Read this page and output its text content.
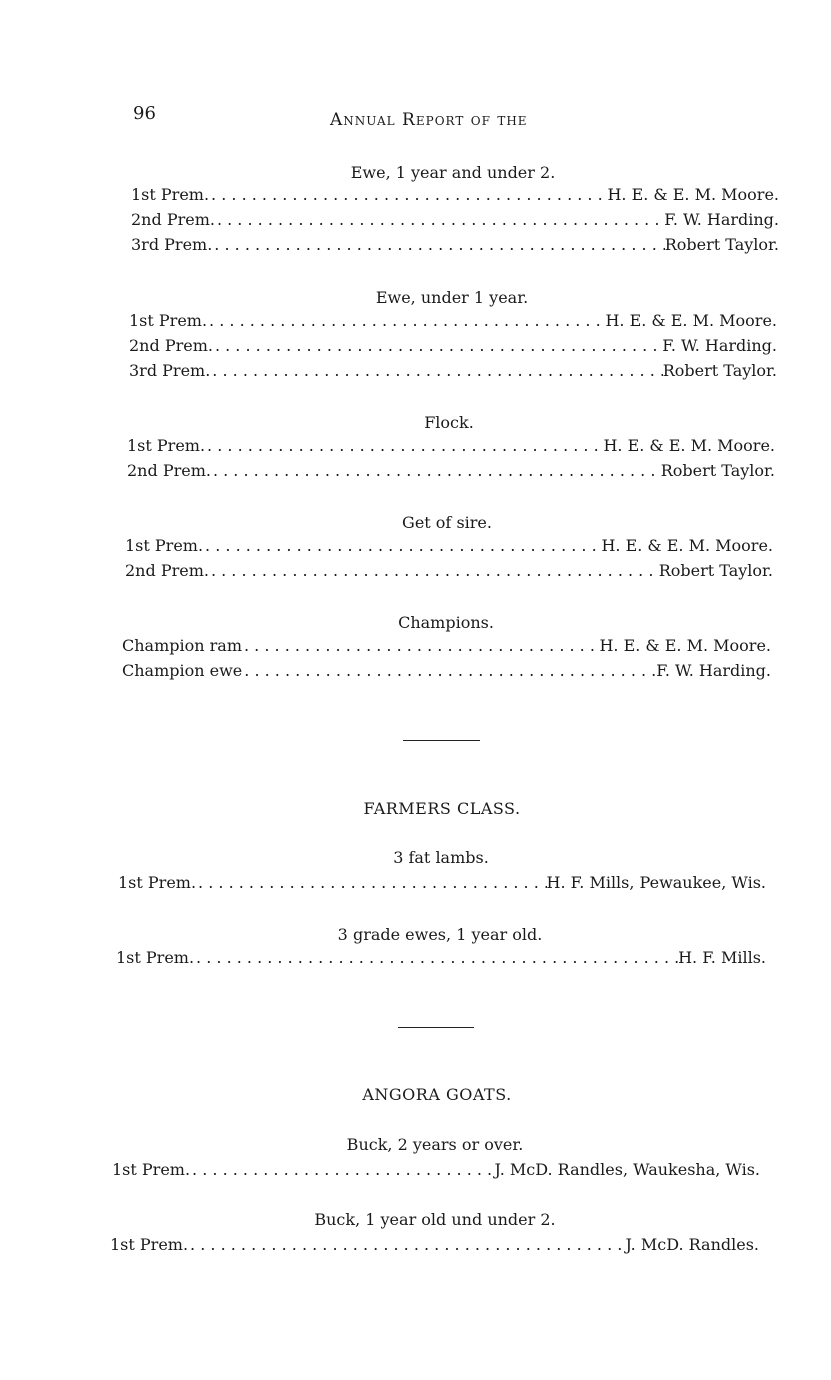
96	Annual Report of the
Ewe, 1 year and under 2.
1st Prem. . . .	H. E. & E. M. Moore.
2nd Prem. . . .	F. W. Harding.
3rd Prem. . . .	Robert Taylor.
Ewe, under 1 year.
1st Prem. . . .	H. E. & E. M. Moore.
2nd Prem. . . .	F. W. Harding.
3rd Prem. . . .	Robert Taylor.
Flock.
1st Prem. . . .	H. E. & E. M. Moore.
2nd Prem. . . .	Robert Taylor.
Get of sire.
1st Prem. . . .	H. E. & E. M. Moore.
2nd Prem. . . .	Robert Taylor.
Champions.
Champion ram . . .	H. E. & E. M. Moore.
Champion ewe . . .	F. W. Harding.
FARMERS CLASS.
3 fat lambs.
1st Prem. . . .	H. F. Mills, Pewaukee, Wis.
3 grade ewes, 1 year old.
1st Prem. . . .	H. F. Mills.
ANGORA GOATS.
Buck, 2 years or over.
1st Prem. . . .	J. McD. Randles, Waukesha, Wis.
Buck, 1 year old und under 2.
1st Prem. . . .	J. McD. Randles.
